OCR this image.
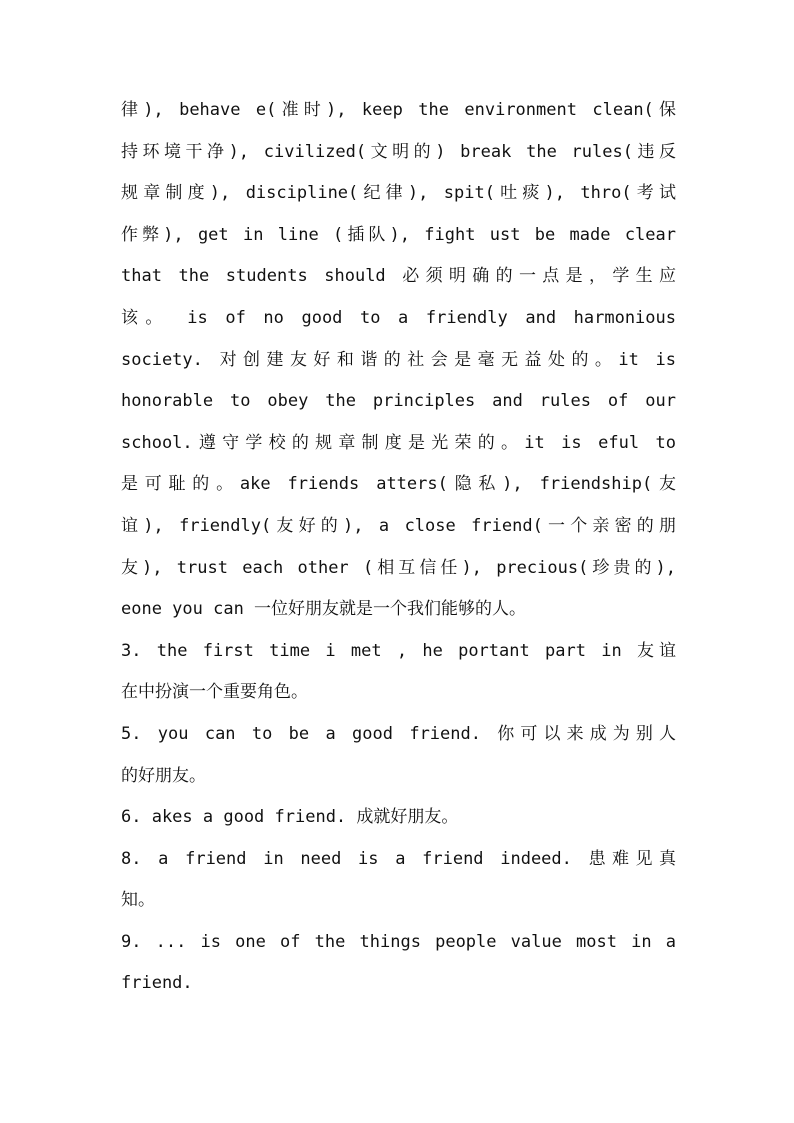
律), behave e(准时), keep the environment clean(保
持环境干净), civilized(文明的) break the rules(违反
规章制度), discipline(纪律), spit(吐痰), thro(考试
作弊), get in line (插队), fight ust be made clear
that the students should 必须明确的一点是，学生应
该。 is of no good to a friendly and harmonious
society. 对创建友好和谐的社会是毫无益处的。it is
honorable to obey the principles and rules of our
school.遵守学校的规章制度是光荣的。it is eful to
是可耻的。ake friends atters(隐私), friendship(友
谊), friendly(友好的), a close friend(一个亲密的朋
友), trust each other (相互信任), precious(珍贵的),
eone you can 一位好朋友就是一个我们能够的人。
3. the first time i met , he portant part in 友谊
在中扮演一个重要角色。
5. you can to be a good friend. 你可以来成为别人
的好朋友。
6. akes a good friend. 成就好朋友。
8. a friend in need is a friend indeed. 患难见真
知。
9. ... is one of the things people value most in a
friend.
